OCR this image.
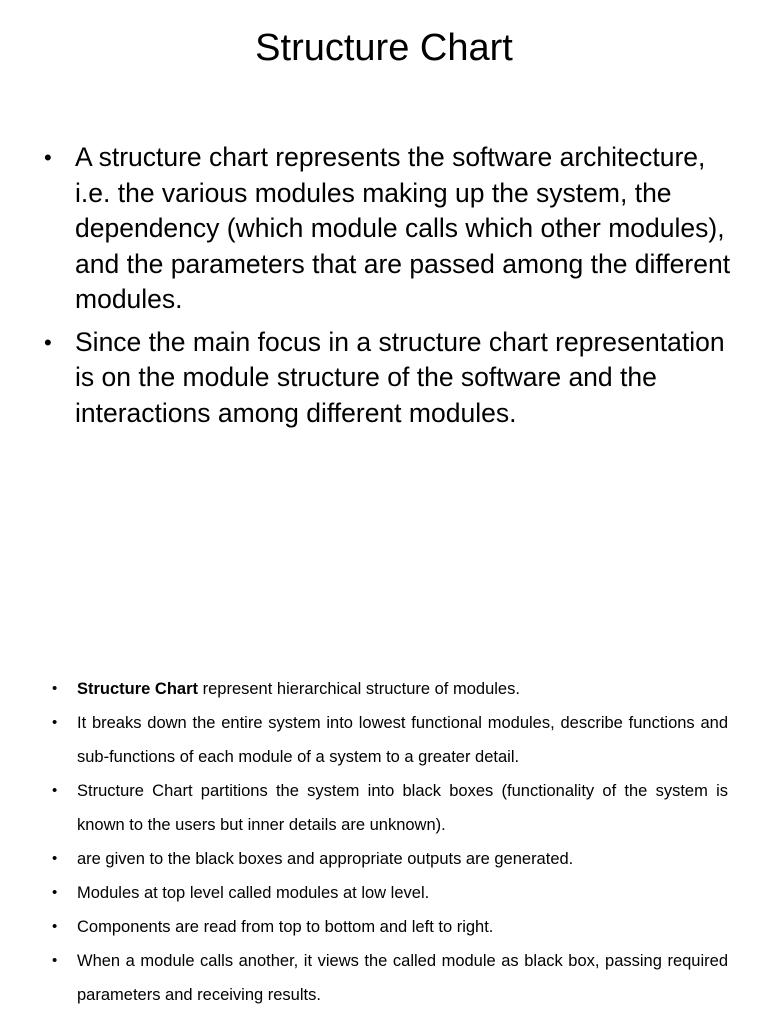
Structure Chart
• A structure chart represents the software architecture, i.e. the various modules making up the system, the dependency (which module calls which other modules), and the parameters that are passed among the different modules.
• Since the main focus in a structure chart representation is on the module structure of the software and the interactions among different modules.
• Structure Chart represent hierarchical structure of modules.
• It breaks down the entire system into lowest functional modules, describe functions and sub-functions of each module of a system to a greater detail.
• Structure Chart partitions the system into black boxes (functionality of the system is known to the users but inner details are unknown).
• are given to the black boxes and appropriate outputs are generated.
• Modules at top level called modules at low level.
• Components are read from top to bottom and left to right.
• When a module calls another, it views the called module as black box, passing required parameters and receiving results.
